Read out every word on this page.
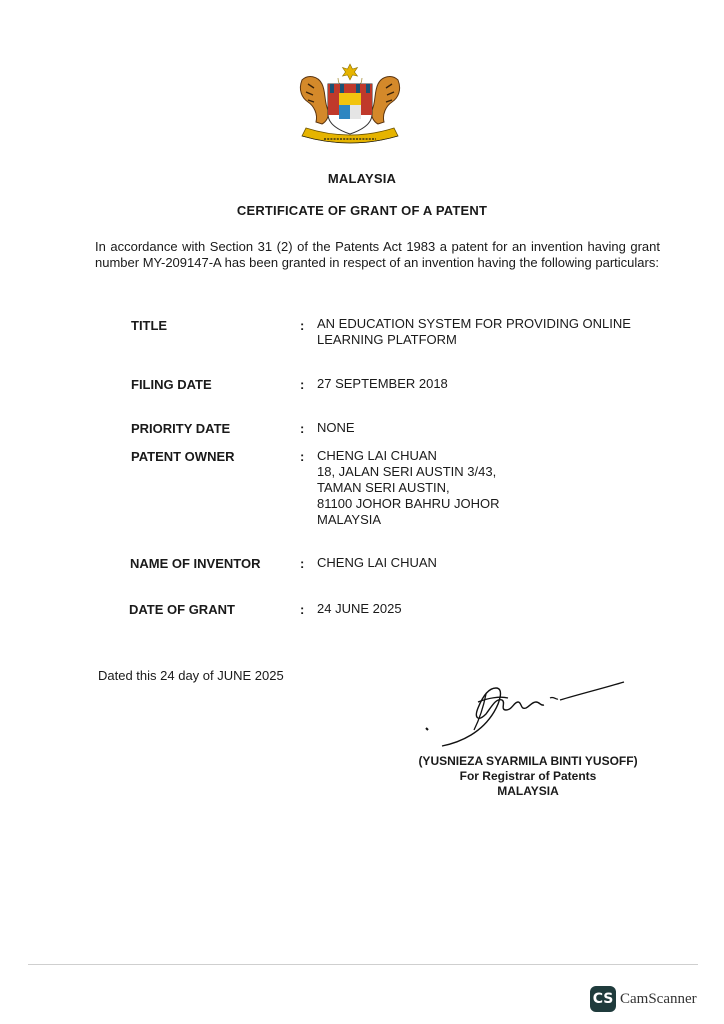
MALAYSIA
CERTIFICATE OF GRANT OF A PATENT
In accordance with Section 31 (2) of the Patents Act 1983 a patent for an invention having grant number MY-209147-A has been granted in respect of an invention having the following particulars:
TITLE	: AN EDUCATION SYSTEM FOR PROVIDING ONLINE
LEARNING PLATFORM
FILING DATE	: 27 SEPTEMBER 2018
PRIORITY DATE	: NONE
PATENT OWNER	: CHENG LAI CHUAN
18, JALAN SERI AUSTIN 3/43,
TAMAN SERI AUSTIN,
81100 JOHOR BAHRU JOHOR
MALAYSIA
NAME OF INVENTOR	: CHENG LAI CHUAN
DATE OF GRANT	: 24 JUNE 2025
Dated this 24 day of JUNE 2025
(YUSNIEZA SYARMILA BINTI YUSOFF)
For Registrar of Patents
MALAYSIA
CS CamScanner
